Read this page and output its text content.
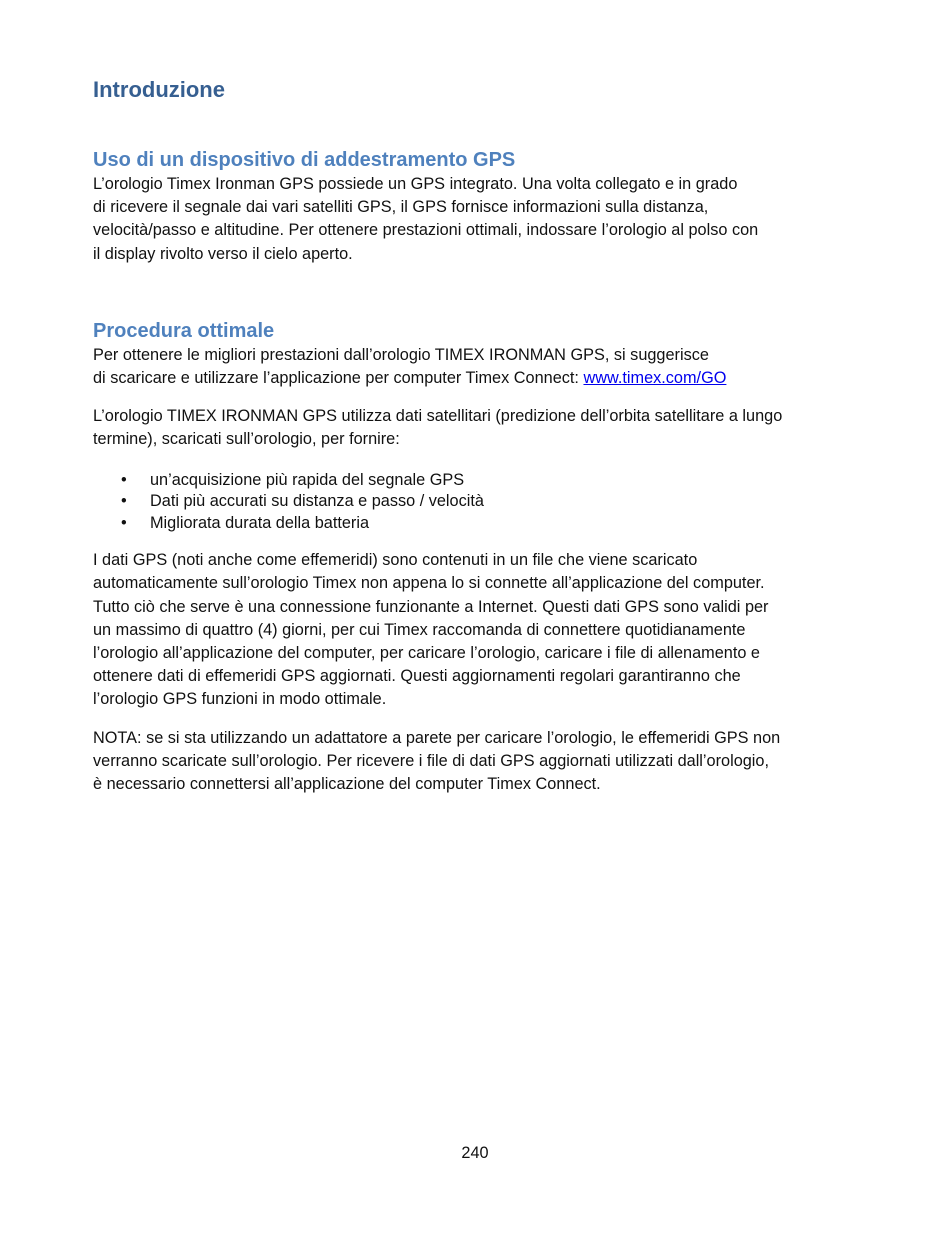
Introduzione
Uso di un dispositivo di addestramento GPS

L’orologio Timex Ironman GPS possiede un GPS integrato. Una volta collegato e in grado
di ricevere il segnale dai vari satelliti GPS, il GPS fornisce informazioni sulla distanza,
velocità/passo e altitudine. Per ottenere prestazioni ottimali, indossare l’orologio al polso con
il display rivolto verso il cielo aperto.

Procedura ottimale

Per ottenere le migliori prestazioni dall’orologio TIMEX IRONMAN GPS, si suggerisce
di scaricare e utilizzare l’applicazione per computer Timex Connect: www.timex.com/GO

L’orologio TIMEX IRONMAN GPS utilizza dati satellitari (predizione dell’orbita satellitare a lungo
termine), scaricati sull’orologio, per fornire:

• un’acquisizione più rapida del segnale GPS
• Dati più accurati su distanza e passo / velocità
• Migliorata durata della batteria

I dati GPS (noti anche come effemeridi) sono contenuti in un file che viene scaricato
automaticamente sull’orologio Timex non appena lo si connette all’applicazione del computer.
Tutto ciò che serve è una connessione funzionante a Internet. Questi dati GPS sono validi per
un massimo di quattro (4) giorni, per cui Timex raccomanda di connettere quotidianamente
l’orologio all’applicazione del computer, per caricare l’orologio, caricare i file di allenamento e
ottenere dati di effemeridi GPS aggiornati. Questi aggiornamenti regolari garantiranno che
l’orologio GPS funzioni in modo ottimale.

NOTA: se si sta utilizzando un adattatore a parete per caricare l’orologio, le effemeridi GPS non
verranno scaricate sull’orologio. Per ricevere i file di dati GPS aggiornati utilizzati dall’orologio,
è necessario connettersi all’applicazione del computer Timex Connect.

240
